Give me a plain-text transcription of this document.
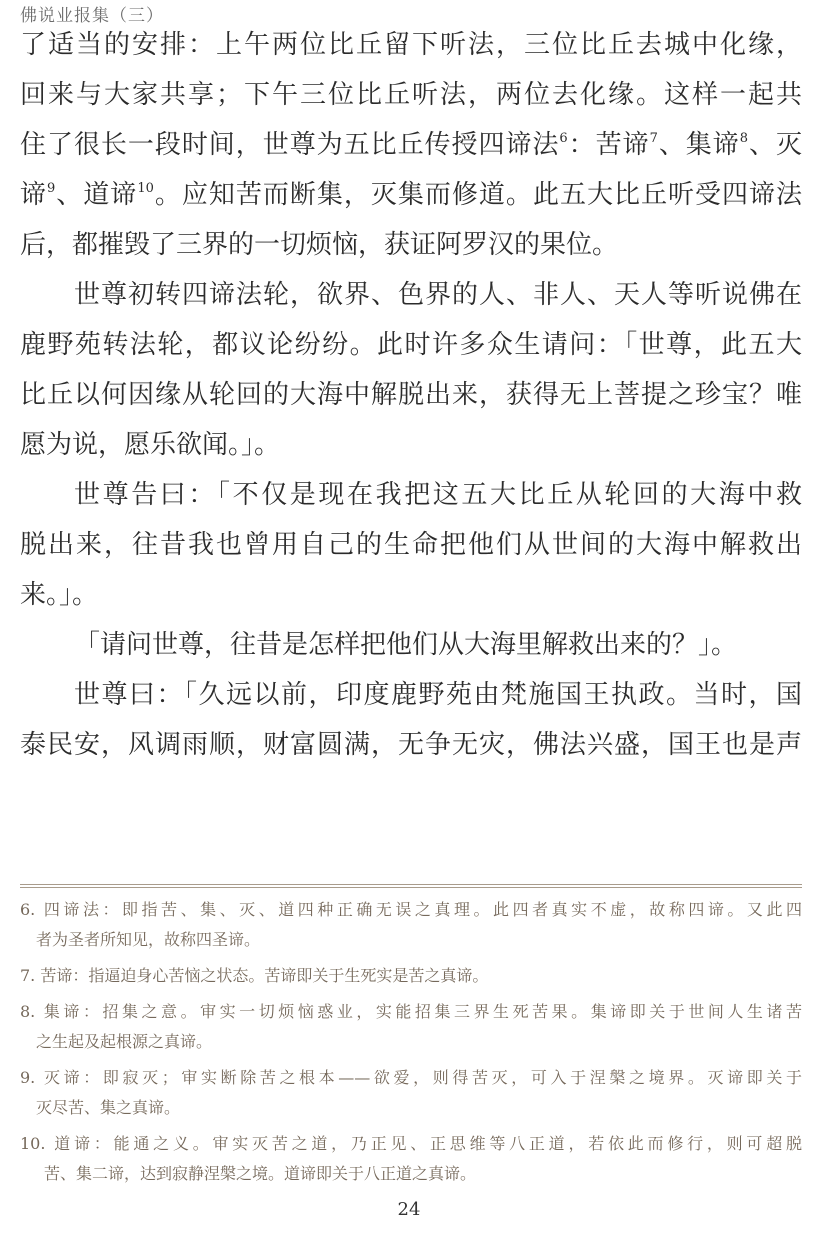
佛说业报集（三）
了适当的安排：上午两位比丘留下听法，三位比丘去城中化缘，
回来与大家共享；下午三位比丘听法，两位去化缘。这样一起共
住了很长一段时间，世尊为五比丘传授四谛法$^6$：苦谛$^7$、集谛$^8$、灭
谛$^9$、道谛$^{10}$。应知苦而断集，灭集而修道。此五大比丘听受四谛法
后，都摧毁了三界的一切烦恼，获证阿罗汉的果位。
世尊初转四谛法轮，欲界、色界的人、非人、天人等听说佛在
鹿野苑转法轮，都议论纷纷。此时许多众生请问：「世尊，此五大
比丘以何因缘从轮回的大海中解脱出来，获得无上菩提之珍宝？唯
愿为说，愿乐欲闻。」。
世尊告曰：「不仅是现在我把这五大比丘从轮回的大海中救
脱出来，往昔我也曾用自己的生命把他们从世间的大海中解救出
来。」。
「请问世尊，往昔是怎样把他们从大海里解救出来的？」。
世尊曰：「久远以前，印度鹿野苑由梵施国王执政。当时，国
泰民安，风调雨顺，财富圆满，无争无灾，佛法兴盛，国王也是声
6. 四谛法：即指苦、集、灭、道四种正确无误之真理。此四者真实不虚，故称四谛。又此四
者为圣者所知见，故称四圣谛。
7. 苦谛：指逼迫身心苦恼之状态。苦谛即关于生死实是苦之真谛。
8. 集谛：招集之意。审实一切烦恼惑业，实能招集三界生死苦果。集谛即关于世间人生诸苦
之生起及起根源之真谛。
9. 灭谛：即寂灭；审实断除苦之根本——欲爱，则得苦灭，可入于涅槃之境界。灭谛即关于
灭尽苦、集之真谛。
10. 道谛：能通之义。审实灭苦之道，乃正见、正思维等八正道，若依此而修行，则可超脱
苦、集二谛，达到寂静涅槃之境。道谛即关于八正道之真谛。
24
